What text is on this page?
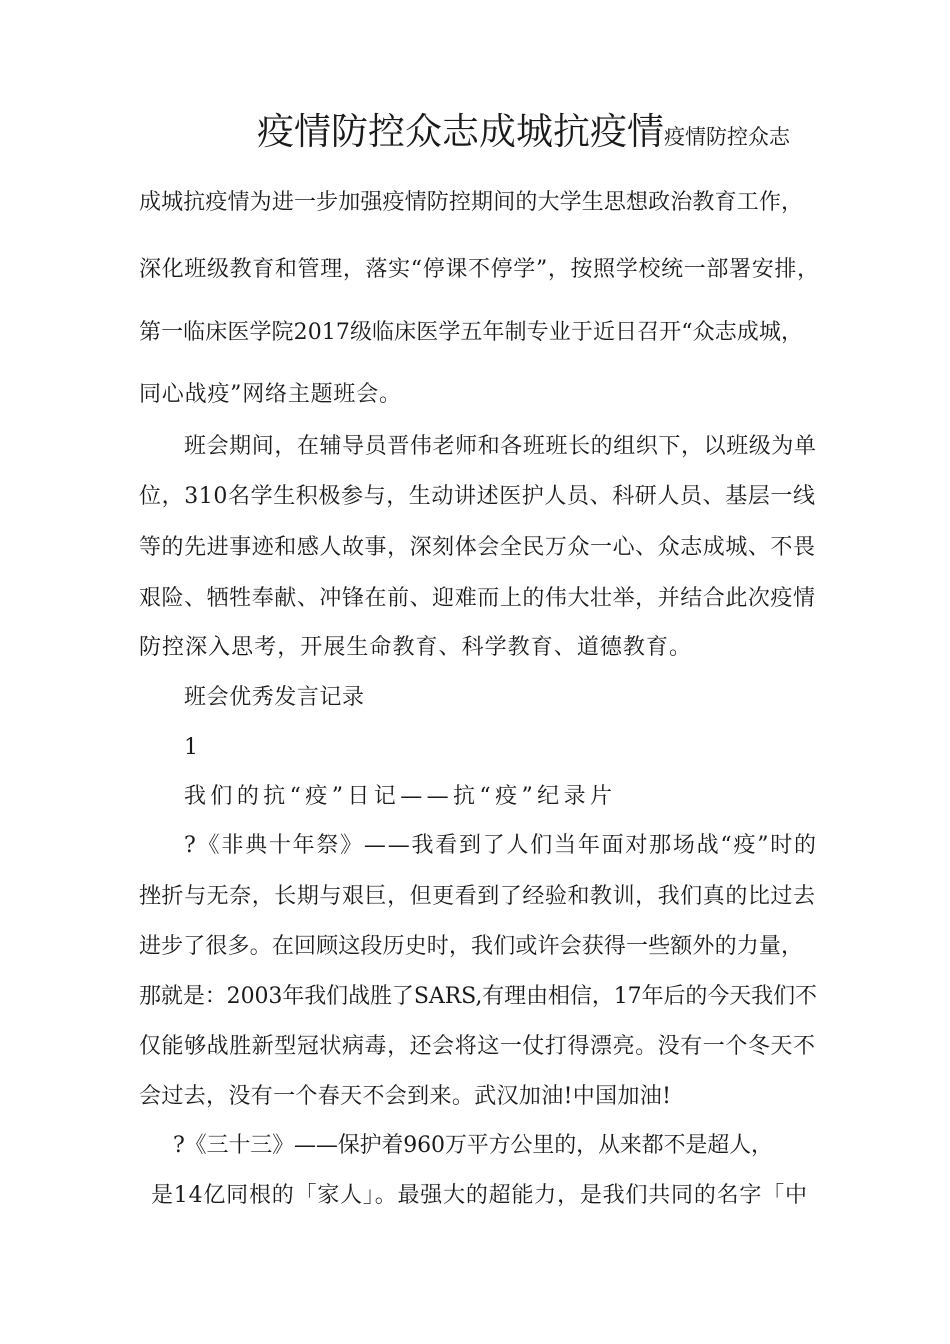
疫情防控众志成城抗疫情疫情防控众志
成城抗疫情为进一步加强疫情防控期间的大学生思想政治教育工作，
深化班级教育和管理，落实“停课不停学”，按照学校统一部署安排，
第一临床医学院2017级临床医学五年制专业于近日召开“众志成城，
同心战疫”网络主题班会。
班会期间，在辅导员晋伟老师和各班班长的组织下，以班级为单
位，310名学生积极参与，生动讲述医护人员、科研人员、基层一线
等的先进事迹和感人故事，深刻体会全民万众一心、众志成城、不畏
艰险、牺牲奉献、冲锋在前、迎难而上的伟大壮举，并结合此次疫情
防控深入思考，开展生命教育、科学教育、道德教育。
班会优秀发言记录
1
我们的抗“疫”日记——抗“疫”纪录片
?《非典十年祭》——我看到了人们当年面对那场战“疫”时的
挫折与无奈，长期与艰巨，但更看到了经验和教训，我们真的比过去
进步了很多。在回顾这段历史时，我们或许会获得一些额外的力量，
那就是：2003年我们战胜了SARS,有理由相信，17年后的今天我们不
仅能够战胜新型冠状病毒，还会将这一仗打得漂亮。没有一个冬天不
会过去，没有一个春天不会到来。武汉加油!中国加油!
?《三十三》——保护着960万平方公里的，从来都不是超人，
是14亿同根的「家人」。最强大的超能力，是我们共同的名字「中
